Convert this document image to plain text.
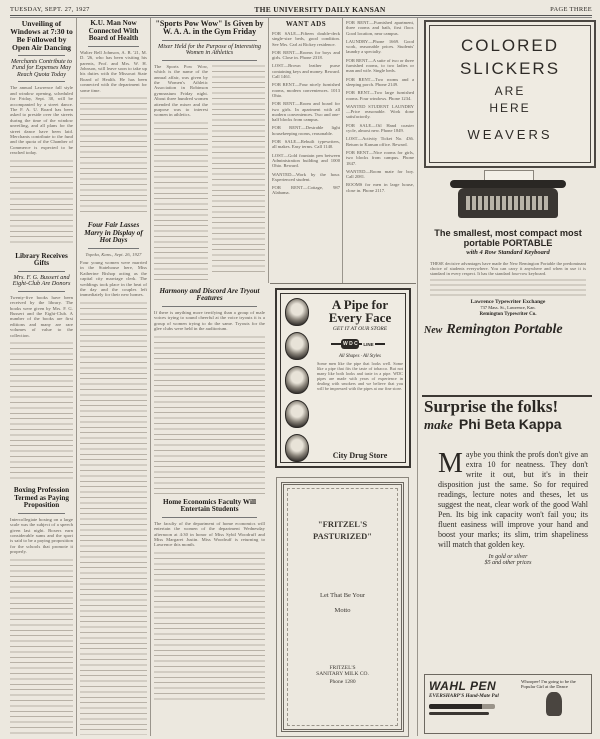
TUESDAY, SEPT. 27, 1927	THE UNIVERSITY DAILY KANSAN	PAGE THREE

Unveiling of Windows at 7:30 to Be Followed by Open Air Dancing

Merchants Contribute to Fund for Expenses May Reach Quota Today

The annual Lawrence fall style and window opening, scheduled for Friday, Sept. 30, will be accompanied by a street dance. The F. A. U. Board has been asked to preside over the streets during the time of the window unveiling, and all plans for the street dance have been laid. Merchants contribute to the fund and the quota of the Chamber of Commerce is expected to be reached today.

Library Receives Gifts

Mrs. F. G. Bussert and Eight-Club Are Donors

Twenty-five books have been received by the library. The books were given by Mrs. F. G. Bussert and the Eight-Club. A number of the books are first editions and many are rare volumes of value to the collection.

Boxing Profession Termed as Paying Proposition

Intercollegiate boxing on a large scale was the subject of a speech given last night. Boxers earn considerable sums and the sport is said to be a paying proposition for the schools that promote it properly.

K.U. Man Now Connected With Board of Health

Walter Bell Johnson, A. B. '21, M. D. '26, who has been visiting his parents, Prof. and Mrs. W. H. Johnson, will leave soon to take up his duties with the Missouri State Board of Health. He has been connected with the department for some time.

Four Fair Lasses Marry in Display of Hot Days

Topeka, Kans., Sept. 26, 1927

Four young women were married in the Statehouse here, Miss Katherine Bishop acting as the capital city marriage clerk. The weddings took place in the heat of the day and the couples left immediately for their new homes.

"Sports Pow Wow" Is Given by W. A. A. in the Gym Friday

Mixer Held for the Purpose of Interesting Women in Athletics

The Sports Pow Wow, which is the name of the annual affair, was given by the Women's Athletic Association in Robinson gymnasium Friday night. About three hundred women attended the mixer and the purpose was to interest women in athletics.

Harmony and Discord Are Tryout Features

If there is anything more terrifying than a group of male voices trying to sound cheerful at the voice tryouts it is a group of women trying to do the same. Tryouts for the glee clubs were held in the auditorium.

Home Economics Faculty Will Entertain Students

The faculty of the department of home economics will entertain the women of the department Wednesday afternoon at 4:30 in honor of Miss Sybil Woodruff and Miss Margaret Justin. Miss Woodruff is returning to Lawrence this month.

WANT ADS

FOR SALE—Fifteen double-deck single-size beds, good condition. See Mrs. Carl at Rickey residence.

FOR RENT—Rooms for boys and girls. Close in. Phone 2318.

LOST—Brown leather purse containing keys and money. Reward. Call 1461.

FOR RENT—Four nicely furnished rooms, modern conveniences. 1013 Ohio.

FOR RENT—Room and board for two girls. In apartment with all modern conveniences. Two and one-half blocks from campus.

FOR RENT—Desirable light housekeeping rooms, reasonable.

FOR SALE—Rebuilt typewriters, all makes. Easy terms. Call 1140.

LOST—Gold fountain pen between Administration building and 1000 Ohio. Reward.

WANTED—Work by the hour. Experienced student.

FOR RENT—Cottage, 987 Alabama.

FOR RENT—Furnished apartment, three rooms and bath, first floor. Good location, near campus.

LAUNDRY—Phone 1669. Good work, reasonable prices. Students' laundry a specialty.

FOR RENT—A suite of two or three furnished rooms, to two ladies or man and wife. Single beds.

FOR RENT—Two rooms and a sleeping porch. Phone 2149.

FOR RENT—Two large furnished rooms. Four windows. Phone 1234.

WANTED STUDENT LAUNDRY—Price reasonable. Work done satisfactorily.

FOR SALE—Oil Hand coaster cycle, almost new. Phone 1849.

LOST—Activity Ticket No. 436. Return to Kansan office. Reward.

FOR RENT—Nice rooms for girls, two blocks from campus. Phone 1847.

WANTED—Room mate for boy. Call 2081.

ROOMS for men in large house, close in. Phone 2117.

A Pipe for
Every Face
GET IT AT OUR STORE
W D C	LINE
All Shapes · All Styles

Some men like the pipe that looks well. Some like a pipe that fits the taste of tobacco. But not many like both looks and taste in a pipe. WDC pipes are made with years of experience in dealing with smokers and we believe that you will be impressed with the pipes at our fine store.

City Drug Store
"FRITZEL'S
PASTURIZED"
Let That Be Your
Motto
FRITZEL'S
SANITARY MILK CO.
Phone 1280
COLORED
SLICKERS
ARE
HERE
WEAVERS
The smallest, most compact most portable PORTABLE
with 4 Row Standard Keyboard

THESE decisive advantages have made the New Remington Portable the predominant choice of students everywhere. You can carry it anywhere and when in use it is standard in every respect. It has the standard four-row keyboard.

Lawrence Typewriter Exchange
737 Mass. St., Lawrence, Kan.
Remington Typewriter Co.
New Remington Portable
Surprise the folks!
make Phi Beta Kappa
Maybe you think the profs don't give an extra 10 for neatness. They don't write it out, but it's in their disposition just the same. So for required readings, lecture notes and theses, let us suggest the neat, clear work of the good Wahl Pen. Its big ink capacity won't fail you; its fluent easiness will improve your hand and boost your marks; its slim, trim shapeliness will match that golden key.
In gold or silver
$5 and other prices
WAHL PEN
EVERSHARP'S Hand-Mate Pal
Whoopee! I'm going to be the Popular Girl at the Dance
